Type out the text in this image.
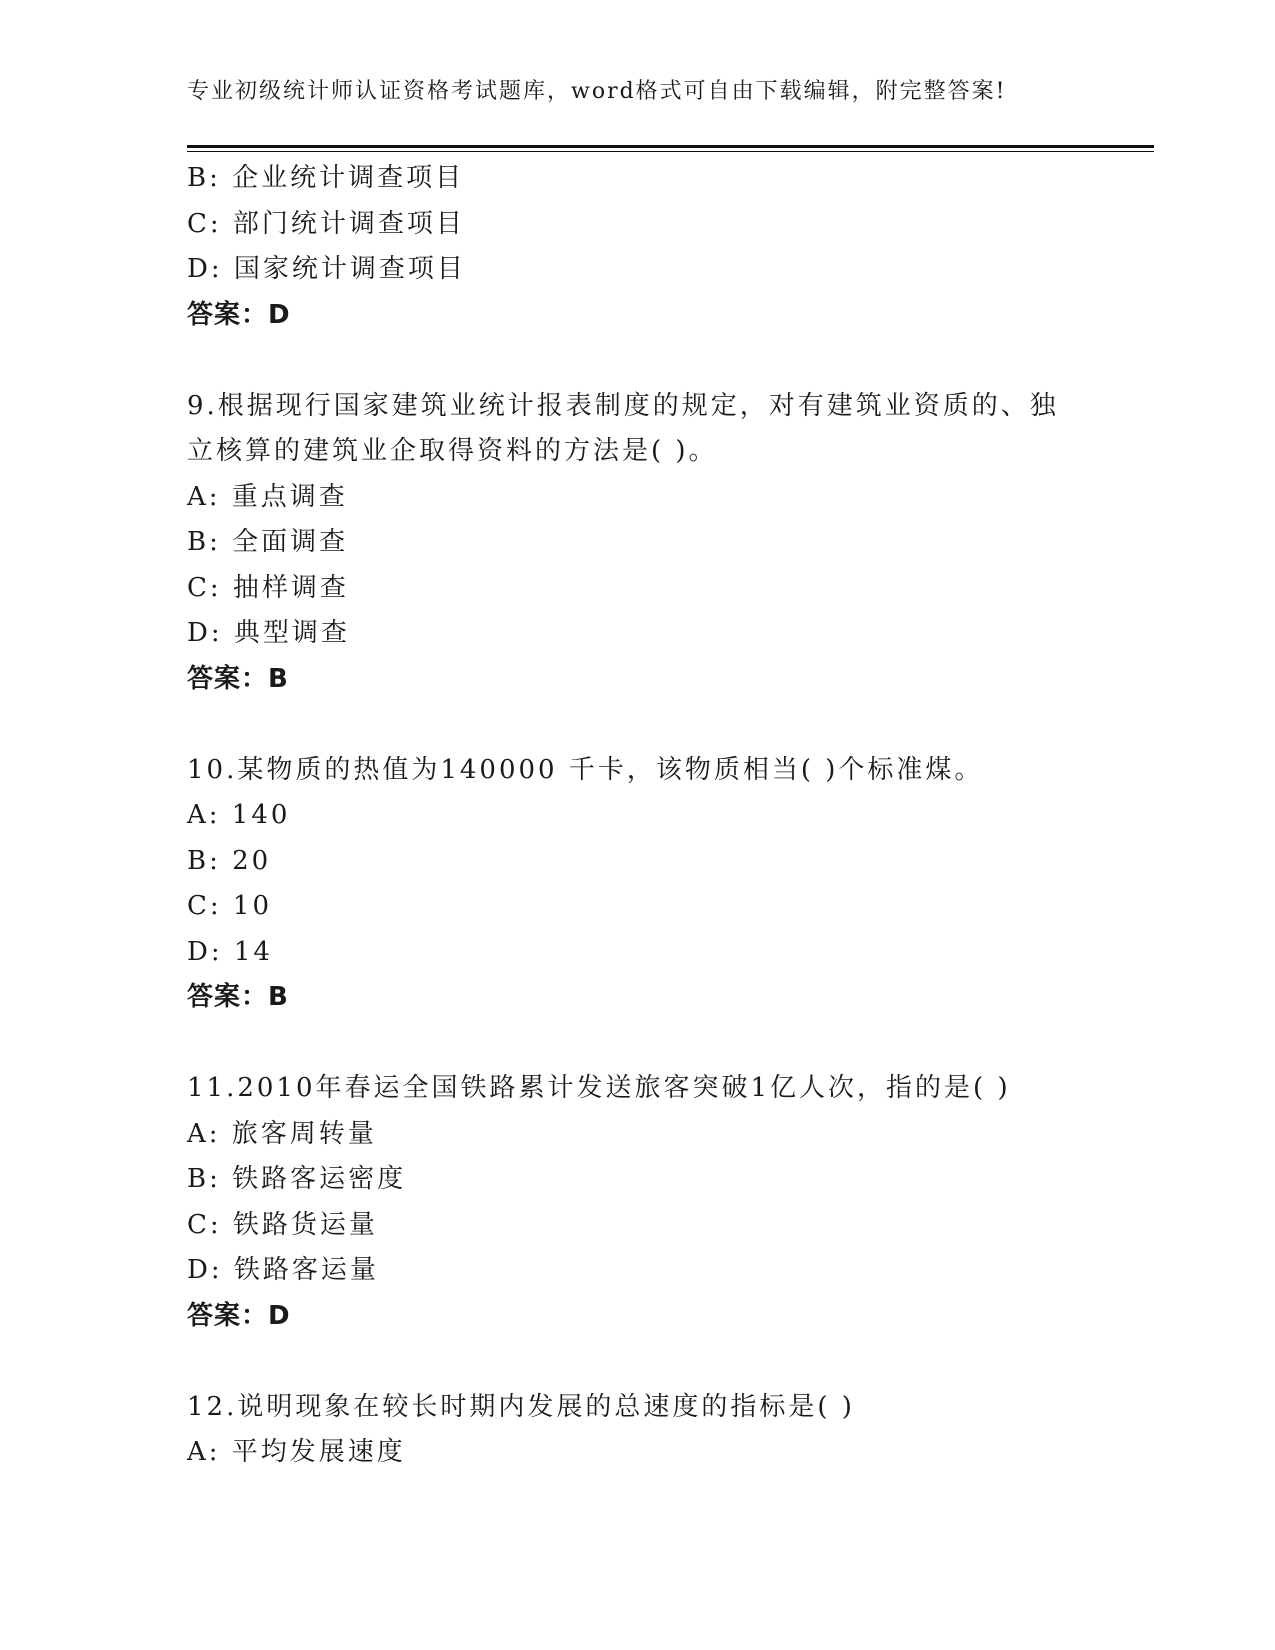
专业初级统计师认证资格考试题库，word格式可自由下载编辑，附完整答案!
B: 企业统计调查项目
C: 部门统计调查项目
D: 国家统计调查项目
答案：D
9.根据现行国家建筑业统计报表制度的规定，对有建筑业资质的、独
立核算的建筑业企取得资料的方法是( )。
A: 重点调查
B: 全面调查
C: 抽样调查
D: 典型调查
答案：B
10.某物质的热值为140000 千卡，该物质相当( )个标准煤。
A: 140
B: 20
C: 10
D: 14
答案：B
11.2010年春运全国铁路累计发送旅客突破1亿人次，指的是( )
A: 旅客周转量
B: 铁路客运密度
C: 铁路货运量
D: 铁路客运量
答案：D
12.说明现象在较长时期内发展的总速度的指标是( )
A: 平均发展速度
